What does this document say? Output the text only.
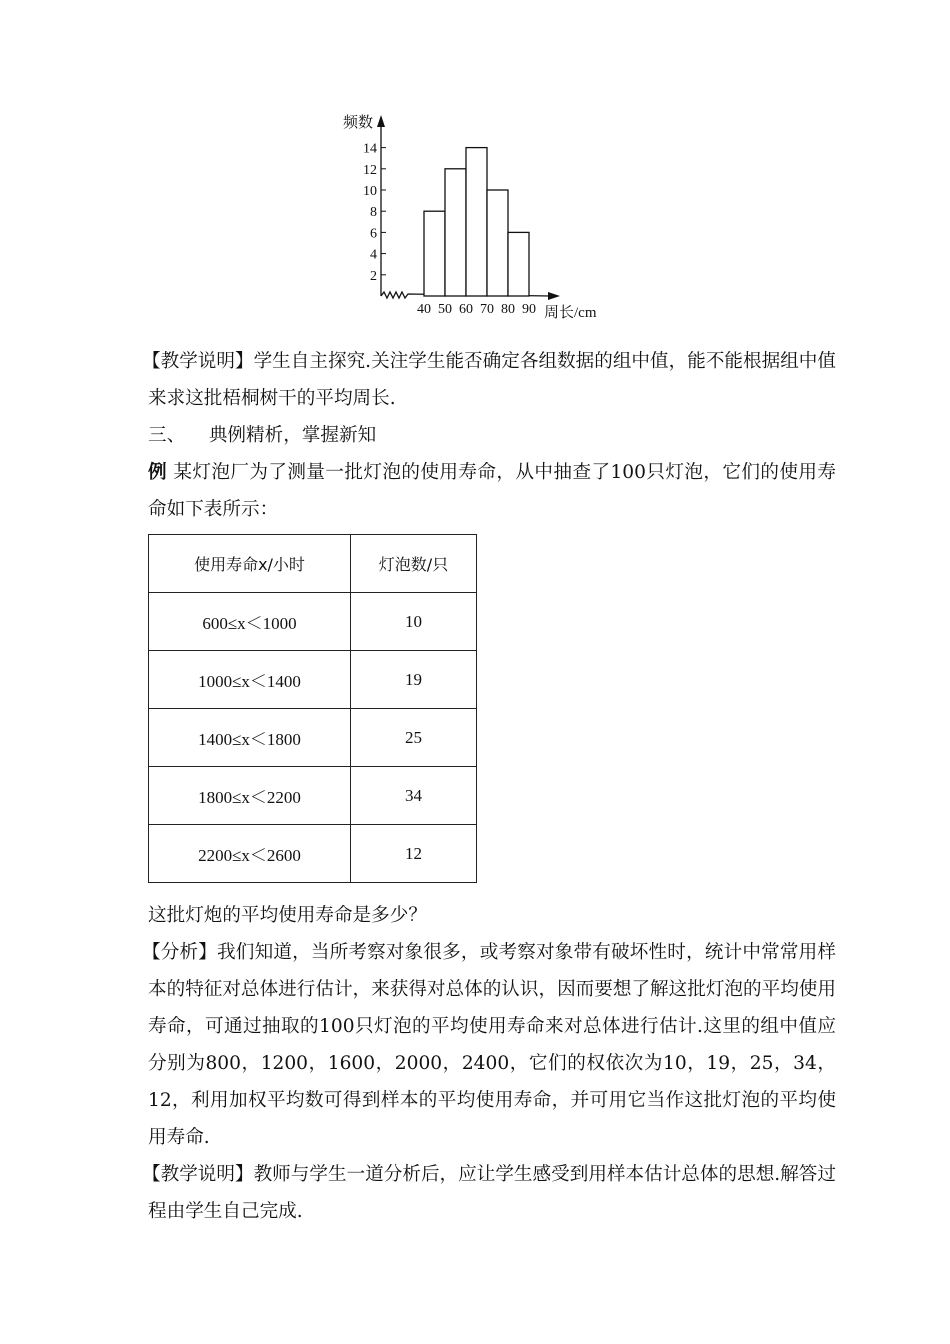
2
4
6
8
10
12
14
40 50 60 70 80 90
频数
周长/cm
【教学说明】学生自主探究.关注学生能否确定各组数据的组中值，能不能根据组中值来求这批梧桐树干的平均周长.
三、    典例精析，掌握新知
例 某灯泡厂为了测量一批灯泡的使用寿命，从中抽查了100只灯泡，它们的使用寿命如下表所示：
使用寿命x/小时	灯泡数/只
600≤x＜1000	10
1000≤x＜1400	19
1400≤x＜1800	25
1800≤x＜2200	34
2200≤x＜2600	12
这批灯炮的平均使用寿命是多少？
【分析】我们知道，当所考察对象很多，或考察对象带有破坏性时，统计中常常用样本的特征对总体进行估计，来获得对总体的认识，因而要想了解这批灯泡的平均使用寿命，可通过抽取的100只灯泡的平均使用寿命来对总体进行估计.这里的组中值应分别为800，1200，1600，2000，2400，它们的权依次为10，19，25，34，12，利用加权平均数可得到样本的平均使用寿命，并可用它当作这批灯泡的平均使用寿命.
【教学说明】教师与学生一道分析后，应让学生感受到用样本估计总体的思想.解答过程由学生自己完成.
